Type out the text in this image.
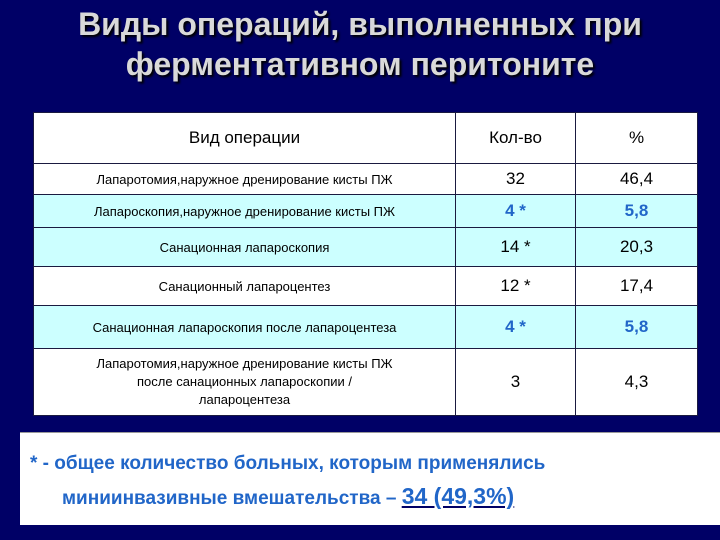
Виды операций, выполненных при
ферментативном перитоните
Вид операции	Кол-во	%
Лапаротомия,наружное дренирование кисты ПЖ	32	46,4
Лапароскопия,наружное дренирование кисты ПЖ	4 *	5,8
Санационная лапароскопия	14 *	20,3
Санационный лапароцентез	12 *	17,4
Санационная лапароскопия после лапароцентеза	4 *	5,8

Лапаротомия,наружное дренирование кисты ПЖ
после санационных лапароскопии /
лапароцентеза	3	4,3
* - общее количество больных, которым применялись
миниинвазивные вмешательства – 34 (49,3%)
